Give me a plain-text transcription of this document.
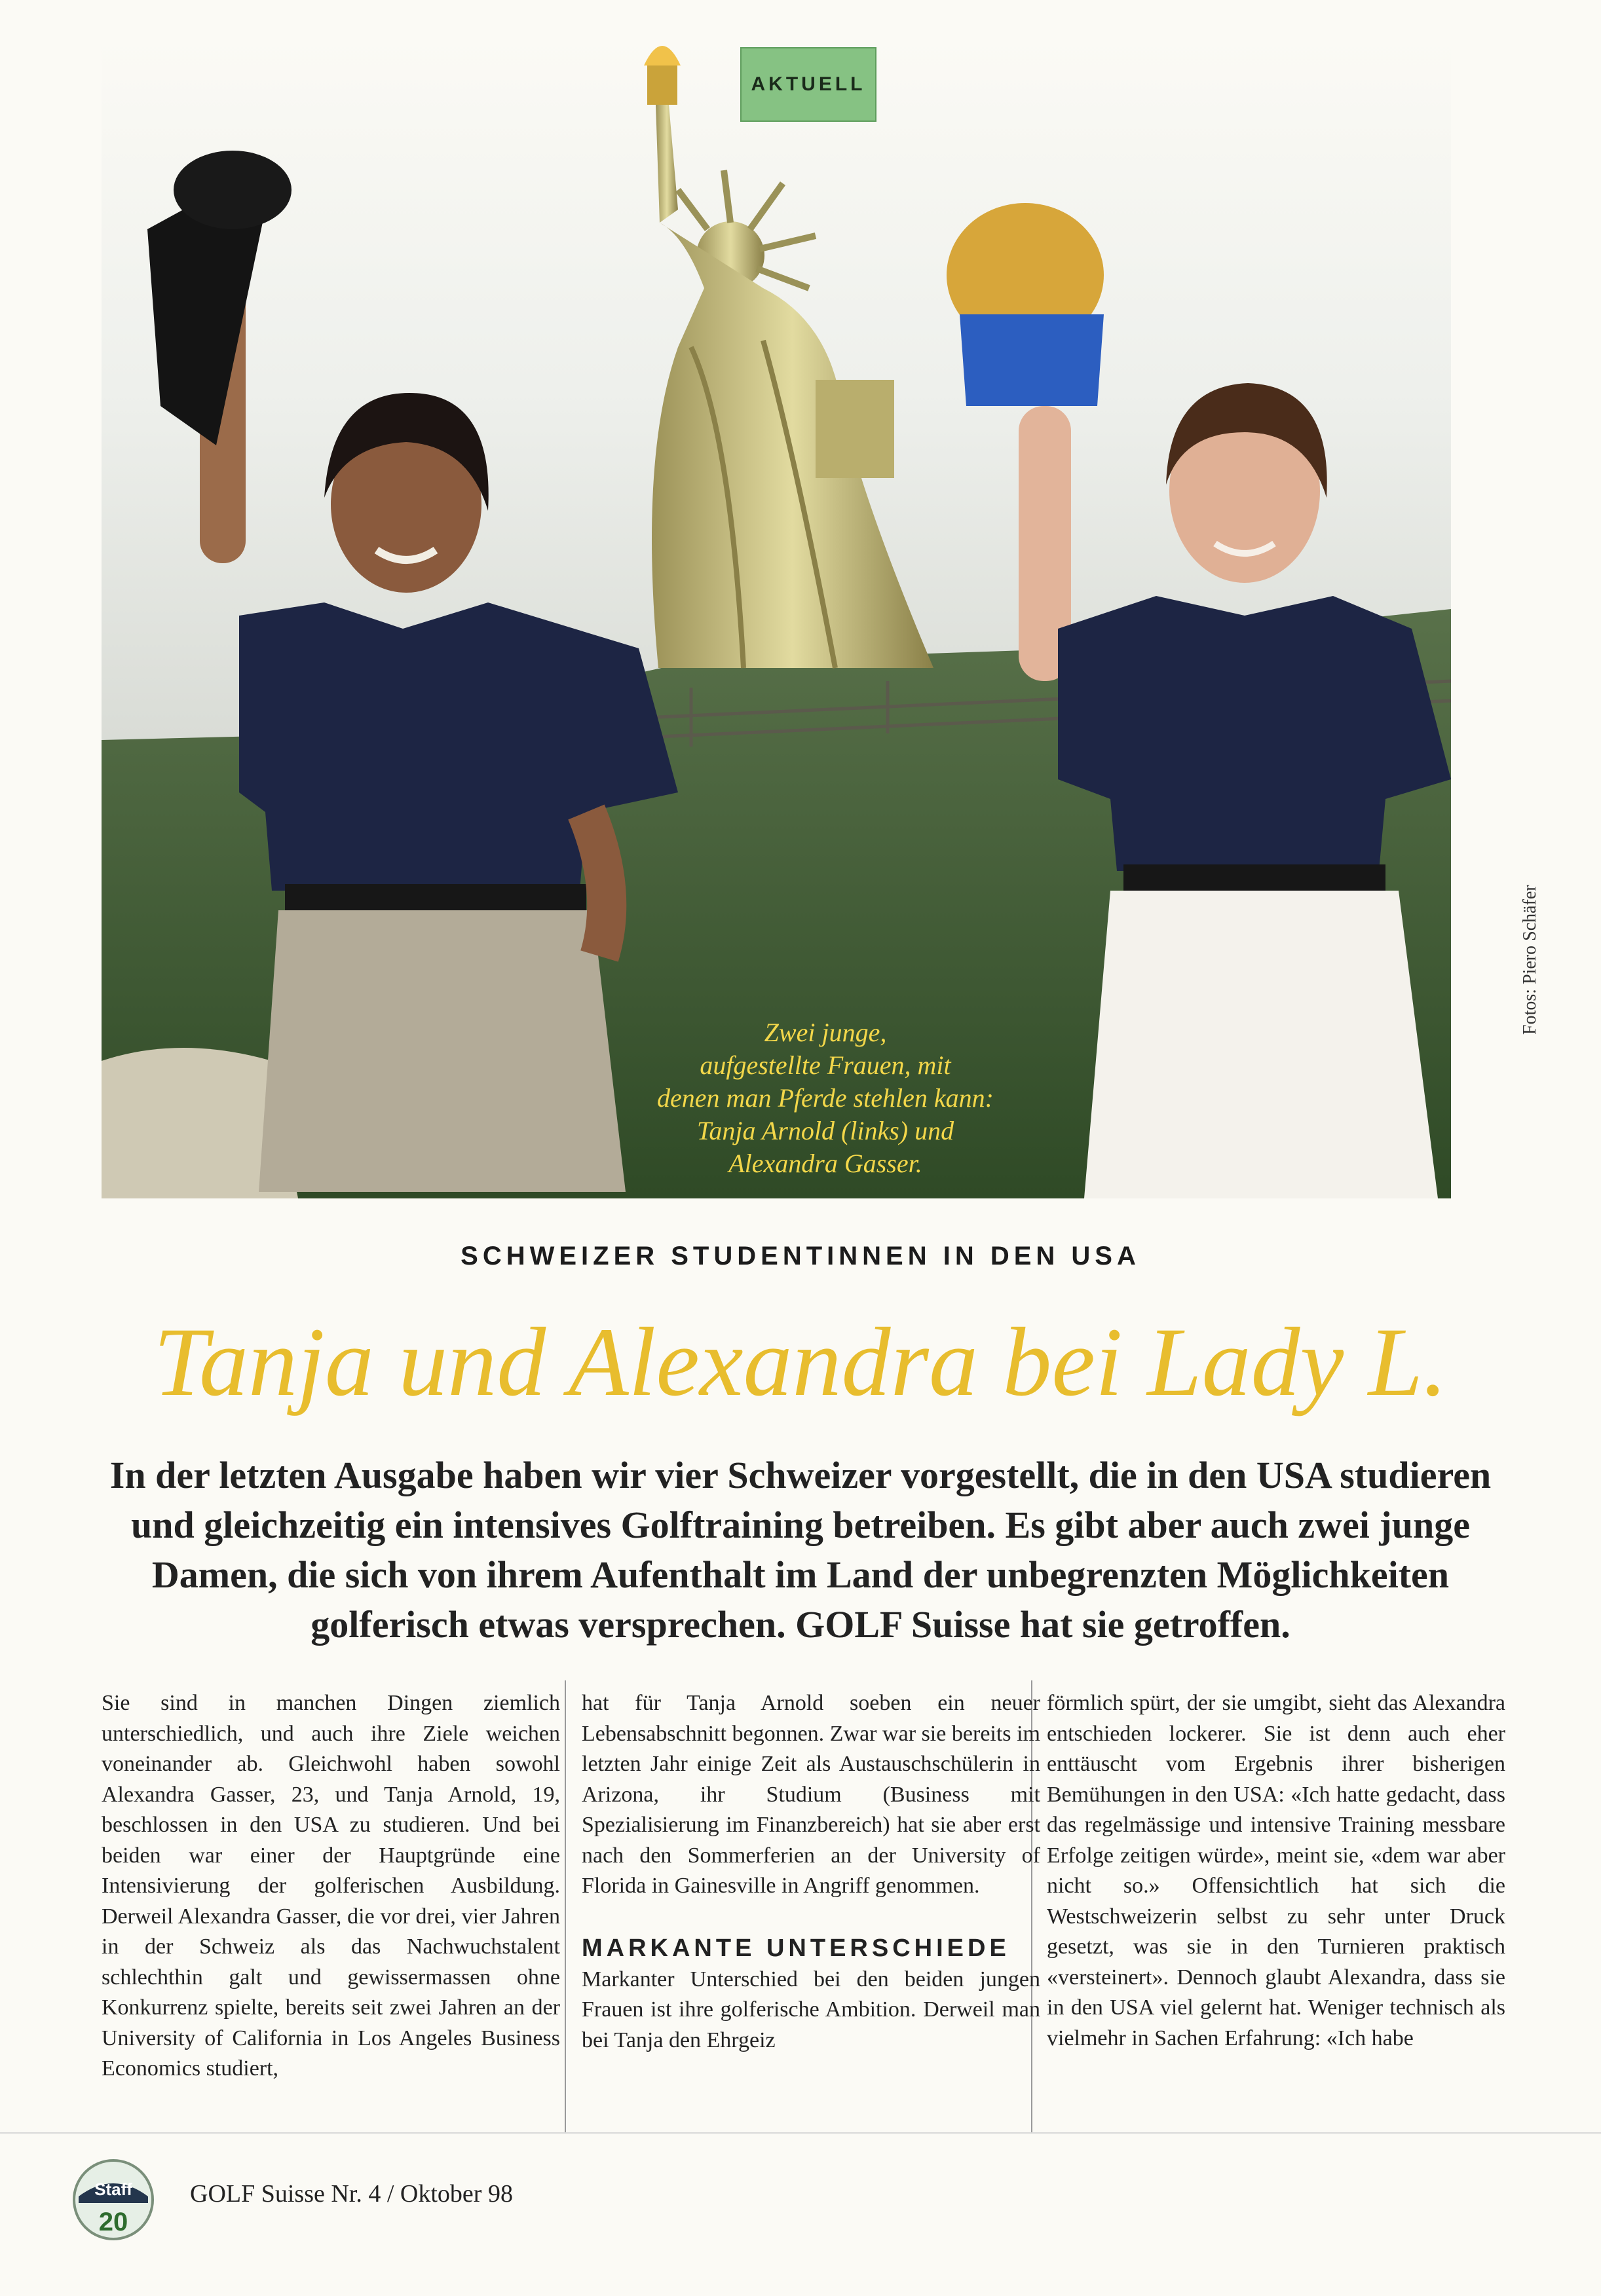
AKTUELL
Zwei junge,
aufgestellte Frauen, mit
denen man Pferde stehlen kann:
Tanja Arnold (links) und
Alexandra Gasser.
Fotos: Piero Schäfer
SCHWEIZER STUDENTINNEN IN DEN USA
Tanja und Alexandra bei Lady L.
In der letzten Ausgabe haben wir vier Schweizer vorgestellt, die in den USA studieren und gleichzeitig ein intensives Golftraining betreiben. Es gibt aber auch zwei junge Damen, die sich von ihrem Aufenthalt im Land der unbegrenzten Möglichkeiten golferisch etwas versprechen. GOLF Suisse hat sie getroffen.

Sie sind in manchen Dingen ziemlich unterschiedlich, und auch ihre Ziele weichen voneinander ab. Gleichwohl haben sowohl Alexandra Gasser, 23, und Tanja Arnold, 19, beschlossen in den USA zu studieren. Und bei beiden war einer der Hauptgründe eine Intensivierung der golferischen Ausbildung. Derweil Alexandra Gasser, die vor drei, vier Jahren in der Schweiz als das Nachwuchstalent schlechthin galt und gewissermassen ohne Konkurrenz spielte, bereits seit zwei Jahren an der University of California in Los Angeles Business Economics studiert,

hat für Tanja Arnold soeben ein neuer Lebensabschnitt begonnen. Zwar war sie bereits im letzten Jahr einige Zeit als Austauschschülerin in Arizona, ihr Studium (Business mit Spezialisierung im Finanzbereich) hat sie aber erst nach den Sommerferien an der University of Florida in Gainesville in Angriff genommen.

MARKANTE UNTERSCHIEDE

Markanter Unterschied bei den beiden jungen Frauen ist ihre golferische Ambition. Derweil man bei Tanja den Ehrgeiz

förmlich spürt, der sie umgibt, sieht das Alexandra entschieden lockerer. Sie ist denn auch eher enttäuscht vom Ergebnis ihrer bisherigen Bemühungen in den USA: «Ich hatte gedacht, dass das regelmässige und intensive Training messbare Erfolge zeitigen würde», meint sie, «dem war aber nicht so.» Offensichtlich hat sich die Westschweizerin selbst zu sehr unter Druck gesetzt, was sie in den Turnieren praktisch «versteinert». Dennoch glaubt Alexandra, dass sie in den USA viel gelernt hat. Weniger technisch als vielmehr in Sachen Erfahrung: «Ich habe

Staff
20
GOLF Suisse Nr. 4 / Oktober 98
